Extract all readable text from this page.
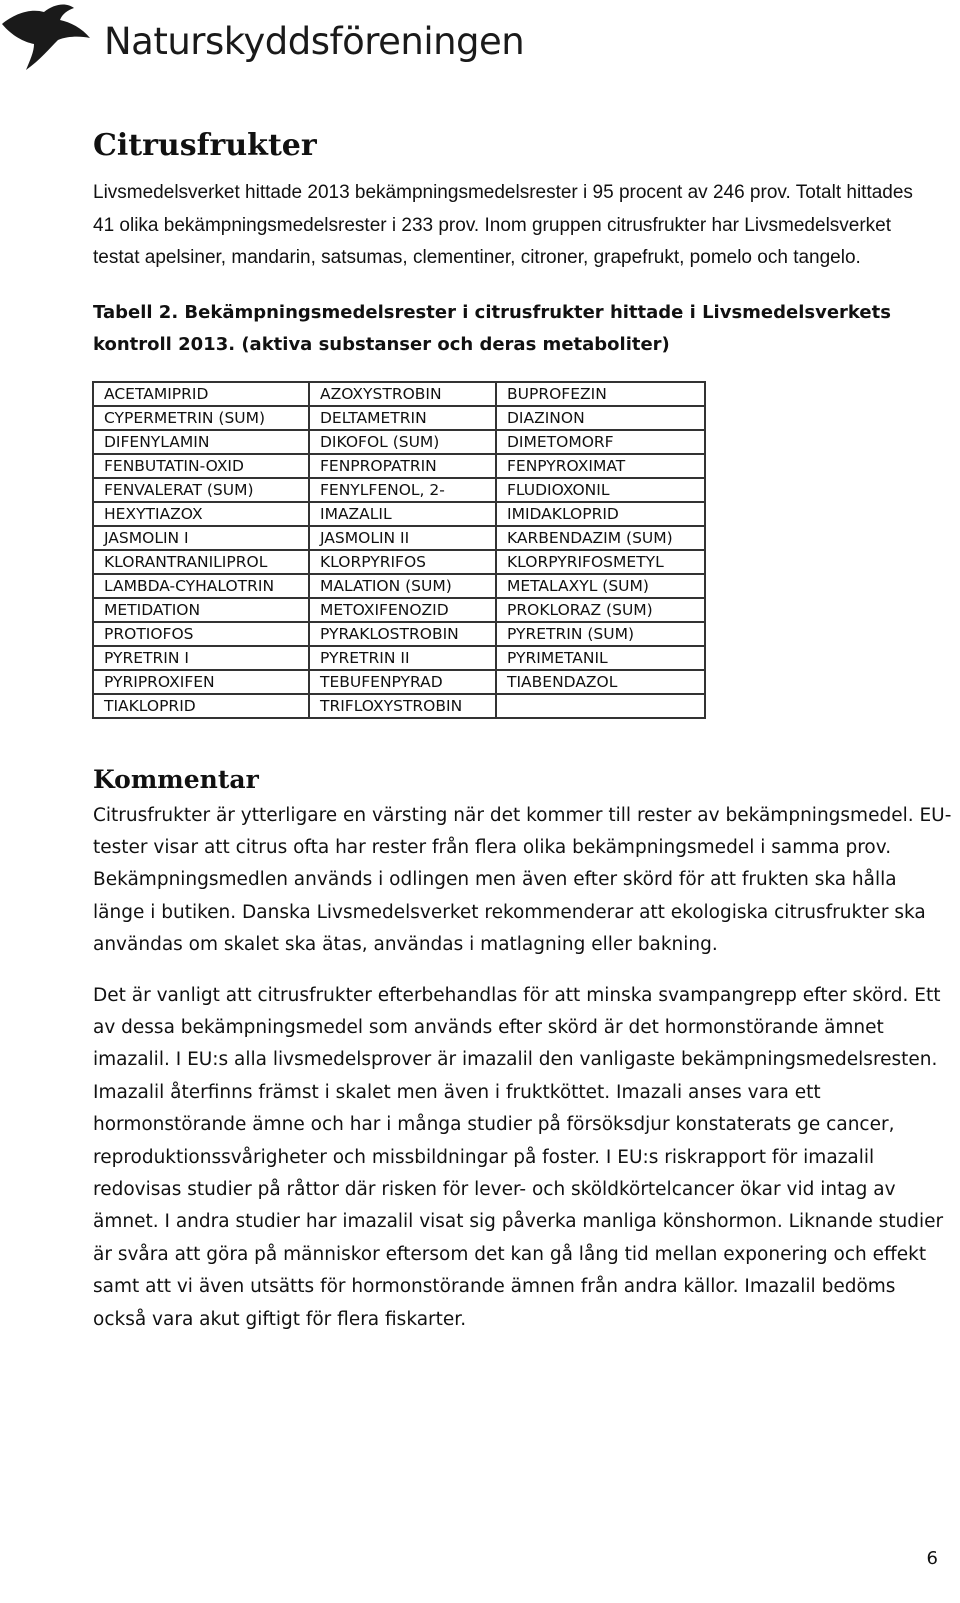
Naturskyddsföreningen
Citrusfrukter

Livsmedelsverket hittade 2013 bekämpningsmedelsrester i 95 procent av 246 prov. Totalt hittades 41 olika bekämpningsmedelsrester i 233 prov. Inom gruppen citrusfrukter har Livsmedelsverket testat apelsiner, mandarin, satsumas, clementiner, citroner, grapefrukt, pomelo och tangelo.

Tabell 2. Bekämpningsmedelsrester i citrusfrukter hittade i Livsmedelsverkets kontroll 2013. (aktiva substanser och deras metaboliter)

ACETAMIPRID	AZOXYSTROBIN	BUPROFEZIN
CYPERMETRIN (SUM)	DELTAMETRIN	DIAZINON
DIFENYLAMIN	DIKOFOL (SUM)	DIMETOMORF
FENBUTATIN-OXID	FENPROPATRIN	FENPYROXIMAT
FENVALERAT (SUM)	FENYLFENOL, 2-	FLUDIOXONIL
HEXYTIAZOX	IMAZALIL	IMIDAKLOPRID
JASMOLIN I	JASMOLIN II	KARBENDAZIM (SUM)
KLORANTRANILIPROL	KLORPYRIFOS	KLORPYRIFOSMETYL
LAMBDA-CYHALOTRIN	MALATION (SUM)	METALAXYL (SUM)
METIDATION	METOXIFENOZID	PROKLORAZ (SUM)
PROTIOFOS	PYRAKLOSTROBIN	PYRETRIN (SUM)
PYRETRIN I	PYRETRIN II	PYRIMETANIL
PYRIPROXIFEN	TEBUFENPYRAD	TIABENDAZOL
TIAKLOPRID	TRIFLOXYSTROBIN	
Kommentar

Citrusfrukter är ytterligare en värsting när det kommer till rester av bekämpningsmedel. EU-tester visar att citrus ofta har rester från flera olika bekämpningsmedel i samma prov. Bekämpningsmedlen används i odlingen men även efter skörd för att frukten ska hålla länge i butiken. Danska Livsmedelsverket rekommenderar att ekologiska citrusfrukter ska användas om skalet ska ätas, användas i matlagning eller bakning.

Det är vanligt att citrusfrukter efterbehandlas för att minska svampangrepp efter skörd. Ett av dessa bekämpningsmedel som används efter skörd är det hormonstörande ämnet imazalil. I EU:s alla livsmedelsprover är imazalil den vanligaste bekämpningsmedelsresten. Imazalil återfinns främst i skalet men även i fruktköttet. Imazali anses vara ett hormonstörande ämne och har i många studier på försöksdjur konstaterats ge cancer, reproduktionssvårigheter och missbildningar på foster. I EU:s riskrapport för imazalil redovisas studier på råttor där risken för lever- och sköldkörtelcancer ökar vid intag av ämnet. I andra studier har imazalil visat sig påverka manliga könshormon. Liknande studier är svåra att göra på människor eftersom det kan gå lång tid mellan exponering och effekt samt att vi även utsätts för hormonstörande ämnen från andra källor. Imazalil bedöms också vara akut giftigt för flera fiskarter.

6
